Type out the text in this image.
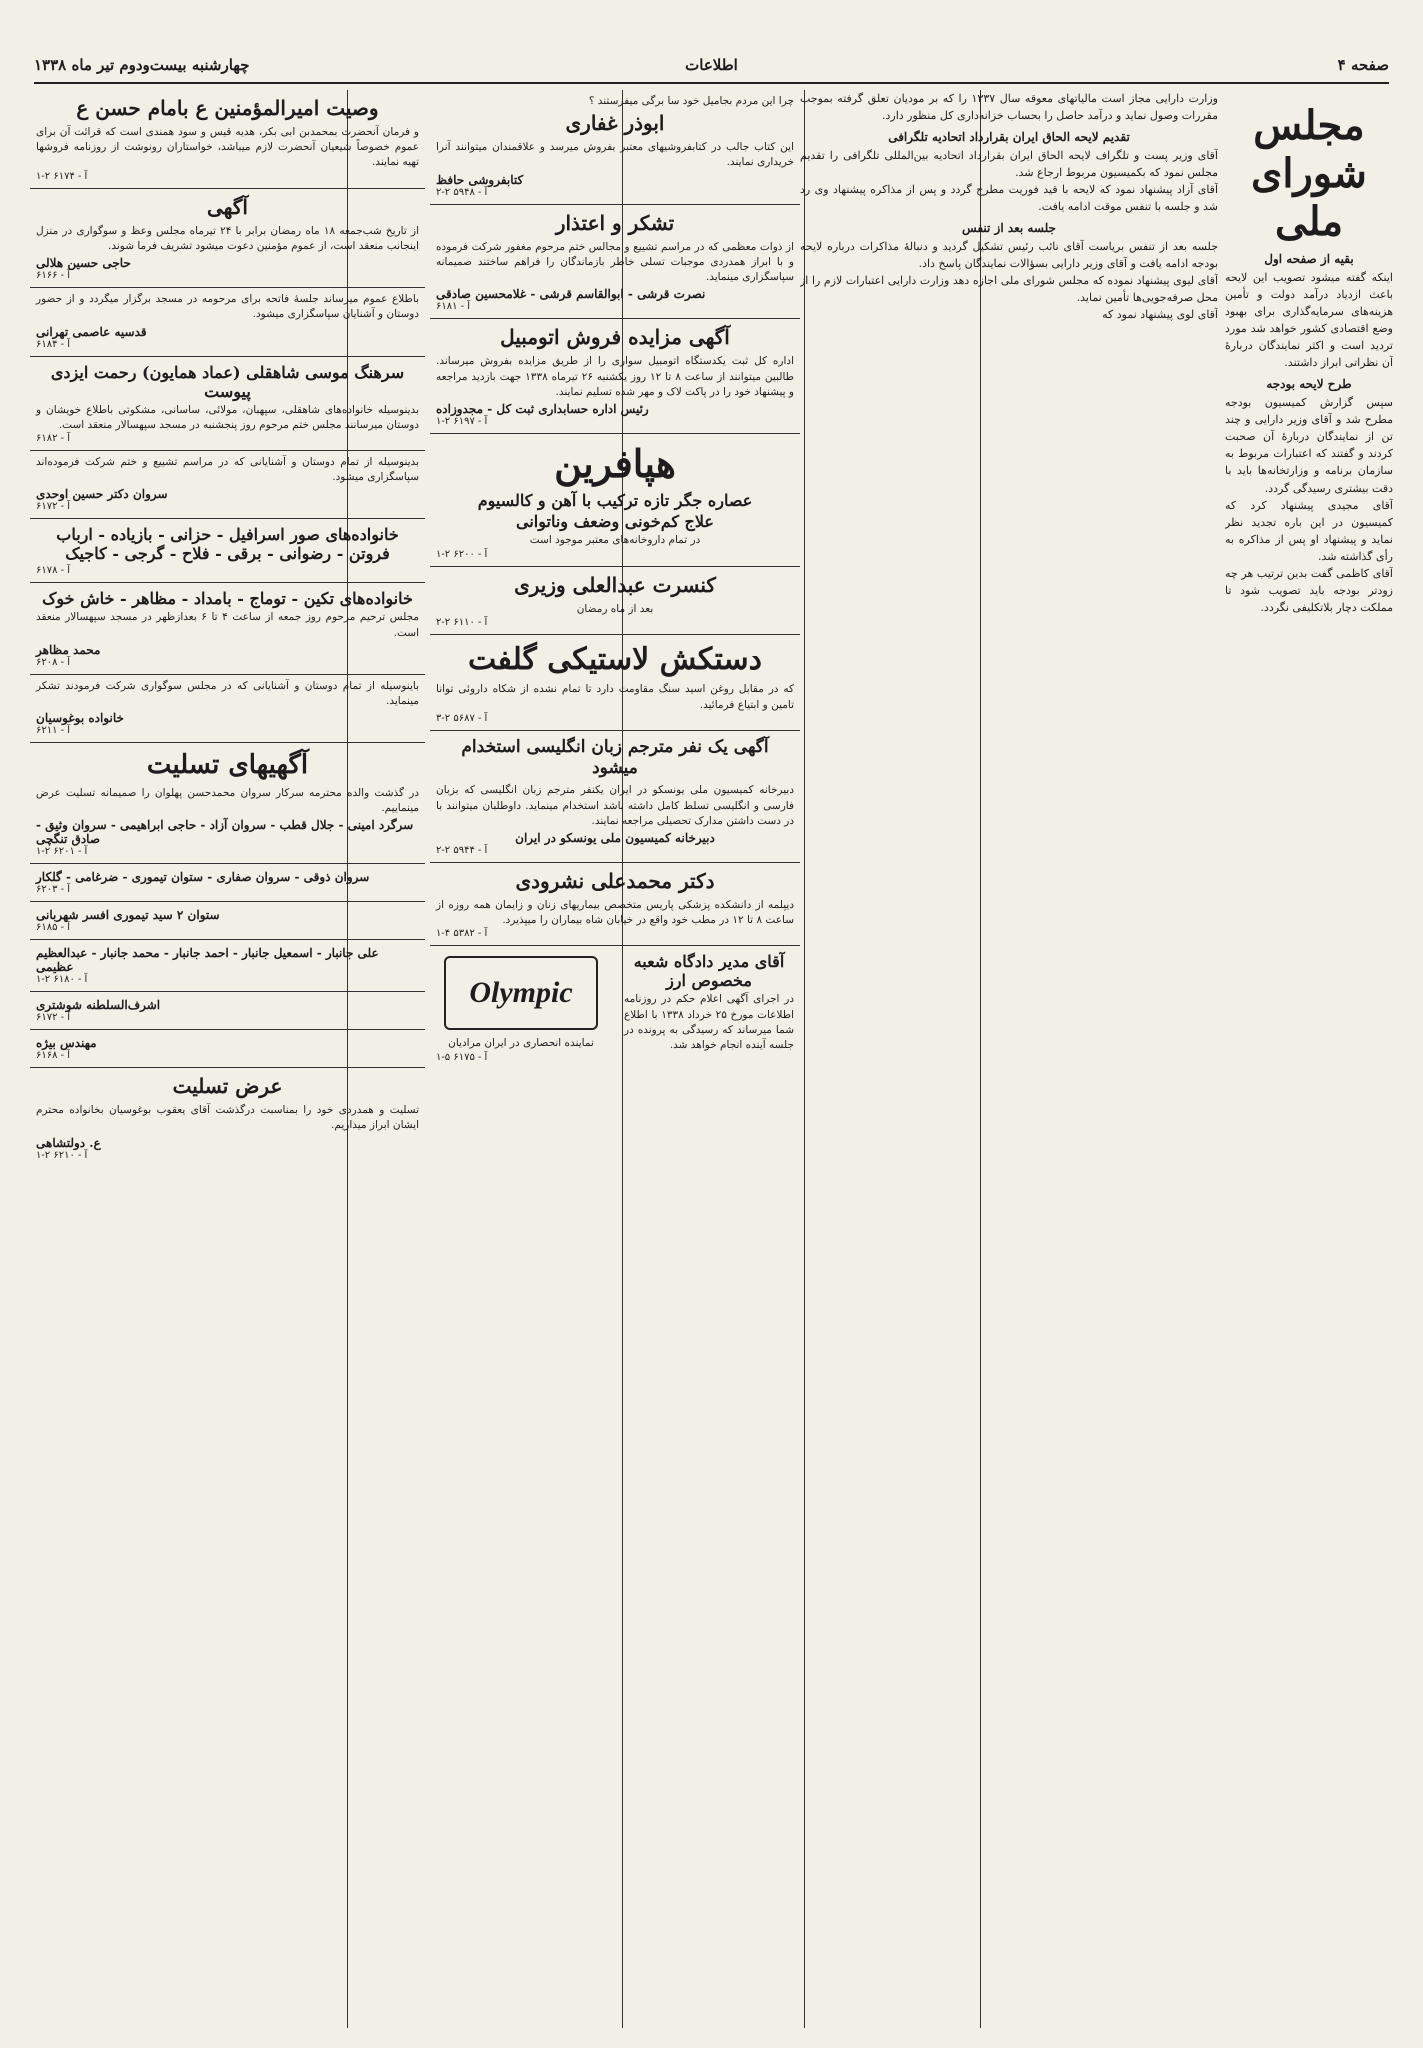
صفحه ۴
اطلاعات
چهارشنبه بیست‌ودوم تیر ماه ۱۳۳۸
مجلس شورای ملی
بقیه از صفحه اول

اینکه گفته میشود تصویب این لایحه باعث ازدیاد درآمد دولت و تأمین هزینه‌های سرمایه‌گذاری برای بهبود وضع اقتصادی کشور خواهد شد مورد تردید است و اکثر نمایندگان دربارهٔ آن نظراتی ابراز داشتند.

طرح لایحه بودجه

سپس گزارش کمیسیون بودجه مطرح شد و آقای وزیر دارایی و چند تن از نمایندگان دربارهٔ آن صحبت کردند و گفتند که اعتبارات مربوط به سازمان برنامه و وزارتخانه‌ها باید با دقت بیشتری رسیدگی گردد.

آقای مجیدی پیشنهاد کرد که کمیسیون در این باره تجدید نظر نماید و پیشنهاد او پس از مذاکره به رأی گذاشته شد.

آقای کاظمی گفت بدین ترتیب هر چه زودتر بودجه باید تصویب شود تا مملکت دچار بلاتکلیفی نگردد.

وزارت دارایی مجاز است مالیاتهای معوقه سال ۱۳۳۷ را که بر مودیان تعلق گرفته بموجب مقررات وصول نماید و درآمد حاصل را بحساب خزانه‌داری کل منظور دارد.

تقدیم لایحه الحاق ایران بقرارداد اتحادیه تلگرافی

آقای وزیر پست و تلگراف لایحه الحاق ایران بقرارداد اتحادیه بین‌المللی تلگرافی را تقدیم مجلس نمود که بکمیسیون مربوط ارجاع شد.

آقای آزاد پیشنهاد نمود که لایحه با قید فوریت مطرح گردد و پس از مذاکره پیشنهاد وی رد شد و جلسه با تنفس موقت ادامه یافت.

جلسه بعد از تنفس

جلسه بعد از تنفس بریاست آقای نائب رئیس تشکیل گردید و دنبالهٔ مذاکرات درباره لایحه بودجه ادامه یافت و آقای وزیر دارایی بسؤالات نمایندگان پاسخ داد.

آقای لیوی پیشنهاد نموده که مجلس شورای ملی اجازه دهد وزارت دارایی اعتبارات لازم را از محل صرفه‌جویی‌ها تأمین نماید.

آقای لوی پیشنهاد نمود که

چرا این مردم بجامیل خود سا برگی میفرستند ؟

ابوذر غفاری

این کتاب جالب در کتابفروشیهای معتبر بفروش میرسد و علاقمندان میتوانند آنرا خریداری نمایند.

کتابفروشی حافظ
آ - ۵۹۴۸ ۲-۲
تشکر و اعتذار

از ذوات معظمی که در مراسم تشییع و مجالس ختم مرحوم مغفور شرکت فرموده و با ابراز همدردی موجبات تسلی خاطر بازماندگان را فراهم ساختند صمیمانه سپاسگزاری مینماید.

نصرت قرشی - ابوالقاسم قرشی - غلامحسین صادقی
آ - ۶۱۸۱
آگهی مزایده فروش اتومبیل

اداره کل ثبت یکدستگاه اتومبیل سواری را از طریق مزایده بفروش میرساند. طالبین میتوانند از ساعت ۸ تا ۱۲ روز یکشنبه ۲۶ تیرماه ۱۳۳۸ جهت بازدید مراجعه و پیشنهاد خود را در پاکت لاک و مهر شده تسلیم نمایند.

رئیس اداره حسابداری ثبت کل - مجدوزاده
آ - ۶۱۹۷ ۲-۱
هپافرین
عصاره جگر تازه ترکیب با آهن و کالسیوم
علاج کم‌خونی وضعف وناتوانی

در تمام داروخانه‌های معتبر موجود است

آ - ۶۲۰۰ ۲-۱
کنسرت عبدالعلی وزیری

بعد از ماه رمضان

آ - ۶۱۱۰ ۲-۲
دستکش لاستیکی گلفت

که در مقابل روغن اسید سنگ مقاومت دارد تا تمام نشده از شکاه داروئی توانا تامین و ابتیاع فرمائید.

آ - ۵۶۸۷ ۲-۳
آگهی یک نفر مترجم زبان انگلیسی استخدام میشود

دبیرخانه کمیسیون ملی یونسکو در ایران یکنفر مترجم زبان انگلیسی که بزبان فارسی و انگلیسی تسلط کامل داشته باشد استخدام مینماید. داوطلبان میتوانند با در دست داشتن مدارک تحصیلی مراجعه نمایند.

دبیرخانه کمیسیون ملی یونسکو در ایران
آ - ۵۹۴۴ ۲-۲
دکتر محمدعلی نشرودی

دیپلمه از دانشکده پزشکی پاریس متخصص بیماریهای زنان و زایمان همه روزه از ساعت ۸ تا ۱۲ در مطب خود واقع در خیابان شاه بیماران را میپذیرد.

آ - ۵۳۸۲ ۴-۱
آقای مدیر دادگاه شعبه مخصوص ارز

در اجرای آگهی اعلام حکم در روزنامه اطلاعات مورخ ۲۵ خرداد ۱۳۳۸ با اطلاع شما میرساند که رسیدگی به پرونده در جلسه آینده انجام خواهد شد.

Olympic

نماینده انحصاری در ایران مرادیان

آ - ۶۱۷۵ ۵-۱
وصیت امیرالمؤمنین ع بامام حسن ع

و فرمان آنحضرت بمحمدبن ابی بکر، هدیه قیس و سود همندی است که قرائت آن برای عموم خصوصاً شیعیان آنحضرت لازم میباشد، خواستاران رونوشت از روزنامه فروشها تهیه نمایند.

آ - ۶۱۷۴ ۲-۱
آگهی

از تاریخ شب‌جمعه ۱۸ ماه رمضان برابر با ۲۴ تیرماه مجلس وعظ و سوگواری در منزل اینجانب منعقد است، از عموم مؤمنین دعوت میشود تشریف فرما شوند.

حاجی حسین هلالی
آ - ۶۱۶۶

باطلاع عموم میرساند جلسهٔ فاتحه برای مرحومه در مسجد برگزار میگردد و از حضور دوستان و آشنایان سپاسگزاری میشود.

قدسیه عاصمی تهرانی
آ - ۶۱۸۴
سرهنگ موسی شاهقلی (عماد همایون) رحمت ایزدی پیوست

بدینوسیله خانواده‌های شاهقلی، سپهبان، مولائی، ساسانی، مشکوتی باطلاع خویشان و دوستان میرسانند مجلس ختم مرحوم روز پنجشنبه در مسجد سپهسالار منعقد است.

آ - ۶۱۸۲

بدینوسیله از تمام دوستان و آشنایانی که در مراسم تشییع و ختم شرکت فرموده‌اند سپاسگزاری میشود.

سروان دکتر حسین اوحدی
آ - ۶۱۷۲
خانواده‌های صور اسرافیل - حزانی - بازیاده - ارباب فروتن - رضوانی - برقی - فلاح - گرجی - کاجیک
آ - ۶۱۷۸
خانواده‌های تکین - توماج - بامداد - مظاهر - خاش خوک

مجلس ترحیم مرحوم روز جمعه از ساعت ۴ تا ۶ بعدازظهر در مسجد سپهسالار منعقد است.

محمد مظاهر
آ - ۶۲۰۸

باینوسیله از تمام دوستان و آشنایانی که در مجلس سوگواری شرکت فرمودند تشکر مینماید.

خانواده بوغوسیان
آ - ۶۲۱۱
آگهیهای تسلیت

در گذشت والده محترمه سرکار سروان محمدحسن پهلوان را صمیمانه تسلیت عرض مینماییم.

سرگرد امینی - جلال قطب - سروان آزاد - حاجی ابراهیمی - سروان وثیق - صادق تنگچی
آ - ۶۲۰۱ ۲-۱
سروان ذوقی - سروان صفاری - ستوان تیموری - ضرغامی - گلکار
آ - ۶۲۰۳
ستوان ۲ سید تیموری افسر شهربانی
آ - ۶۱۸۵
علی جانبار - اسمعیل جانبار - احمد جانبار - محمد جانبار - عبدالعظیم عظیمی
آ - ۶۱۸۰ ۲-۱
اشرف‌السلطنه شوشتری
آ - ۶۱۷۲
مهندس بیژه
آ - ۶۱۶۸
عرض تسلیت

تسلیت و همدردی خود را بمناسبت درگذشت آقای یعقوب بوغوسیان بخانواده محترم ایشان ابراز میداریم.

ع. دولتشاهی
آ - ۶۲۱۰ ۲-۱
